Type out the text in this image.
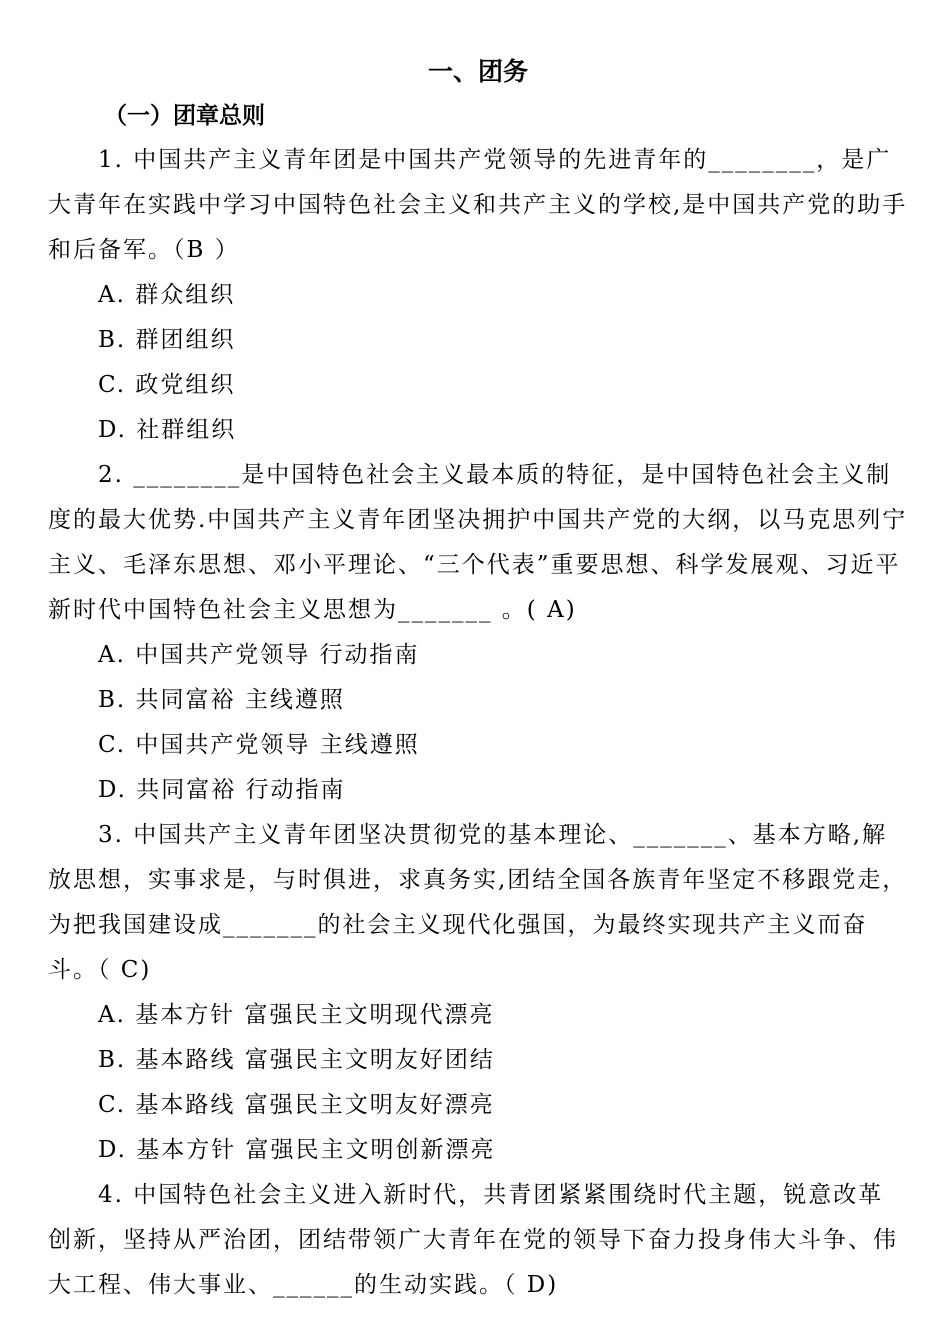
一、团务
（一）团章总则

1. 中国共产主义青年团是中国共产党领导的先进青年的________，是广大青年在实践中学习中国特色社会主义和共产主义的学校,是中国共产党的助手和后备军。（B ）

A. 群众组织

B. 群团组织

C. 政党组织

D. 社群组织

2. ________是中国特色社会主义最本质的特征，是中国特色社会主义制度的最大优势.中国共产主义青年团坚决拥护中国共产党的大纲，以马克思列宁主义、毛泽东思想、邓小平理论、“三个代表”重要思想、科学发展观、习近平新时代中国特色社会主义思想为_______ 。( A)

A. 中国共产党领导 行动指南

B. 共同富裕 主线遵照

C. 中国共产党领导 主线遵照

D. 共同富裕 行动指南

3. 中国共产主义青年团坚决贯彻党的基本理论、_______、基本方略,解放思想，实事求是，与时俱进，求真务实,团结全国各族青年坚定不移跟党走，为把我国建设成_______的社会主义现代化强国，为最终实现共产主义而奋斗。（ C)

A. 基本方针 富强民主文明现代漂亮

B. 基本路线 富强民主文明友好团结

C. 基本路线 富强民主文明友好漂亮

D. 基本方针 富强民主文明创新漂亮

4. 中国特色社会主义进入新时代，共青团紧紧围绕时代主题，锐意改革创新，坚持从严治团，团结带领广大青年在党的领导下奋力投身伟大斗争、伟大工程、伟大事业、______的生动实践。（ D)
